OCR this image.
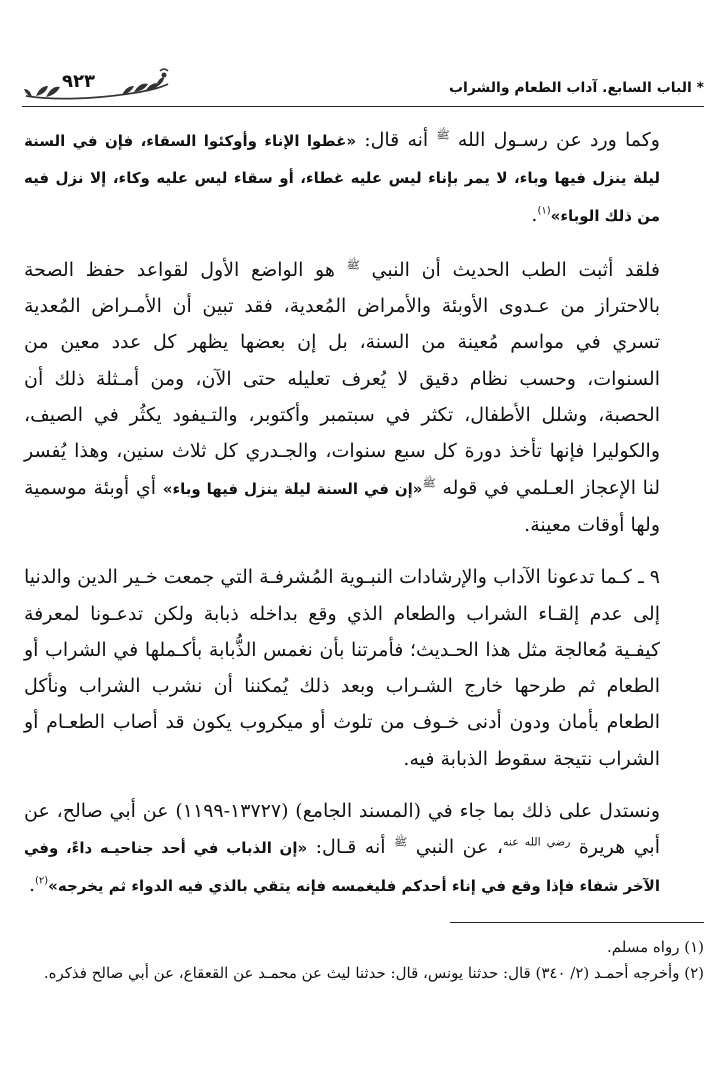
* الباب السابع. آداب الطعام والشراب
٩٢٣

وكما ورد عن رسـول الله $^ﷺ$ أنه قال: «غطوا الإناء وأوكئوا السقاء، فإن في السنة ليلة ينزل فيها وباء، لا يمر بإناء ليس عليه غطاء، أو سقاء ليس عليه وكاء، إلا نزل فيه من ذلك الوباء»$^{(١)}$.

فلقد أثبت الطب الحديث أن النبي $^ﷺ$ هو الواضع الأول لقواعد حفظ الصحة بالاحتراز من عـدوى الأوبئة والأمراض المُعدية، فقد تبين أن الأمـراض المُعدية تسري في مواسم مُعينة من السنة، بل إن بعضها يظهر كل عدد معين من السنوات، وحسب نظام دقيق لا يُعرف تعليله حتى الآن، ومن أمـثلة ذلك أن الحصبة، وشلل الأطفال، تكثر في سبتمبر وأكتوبر، والتـيفود يكثُر في الصيف، والكوليرا فإنها تأخذ دورة كل سبع سنوات، والجـدري كل ثلاث سنين، وهذا يُفسر لنا الإعجاز العـلمي في قوله $^ﷺ$«إن في السنة ليلة ينزل فيها وباء» أي أوبئة موسمية ولها أوقات معينة.

٩ ـ كـما تدعونا الآداب والإرشادات النبـوية المُشرفـة التي جمعت خـير الدين والدنيا إلى عدم إلقـاء الشراب والطعام الذي وقع بداخله ذبابة ولكن تدعـونا لمعرفة كيفـية مُعالجة مثل هذا الحـديث؛ فأمرتنا بأن نغمس الذُّبابة بأكـملها في الشراب أو الطعام ثم طرحها خارج الشـراب وبعد ذلك يُمكننا أن نشرب الشراب ونأكل الطعام بأمان ودون أدنى خـوف من تلوث أو ميكروب يكون قد أصاب الطعـام أو الشراب نتيجة سقوط الذبابة فيه.

ونستدل على ذلك بما جاء في (المسند الجامع) (١٣٧٢٧-١١٩٩) عن أبي صالح، عن أبي هريرة $^{رضي الله عنه}$، عن النبي $^ﷺ$ أنه قـال: «إن الذباب في أحد جناحيـه داءً، وفي الآخر شفاء فإذا وقع في إناء أحدكم فليغمسه فإنه يتقي بالذي فيه الدواء ثم يخرجه»$^{(٢)}$.

(١) رواه مسلم.

(٢) وأخرجه أحمـد (٢/ ٣٤٠) قال: حدثنا يونس، قال: حدثنا ليث عن محمـد عن القعقاع، عن أبي صالح فذكره.
